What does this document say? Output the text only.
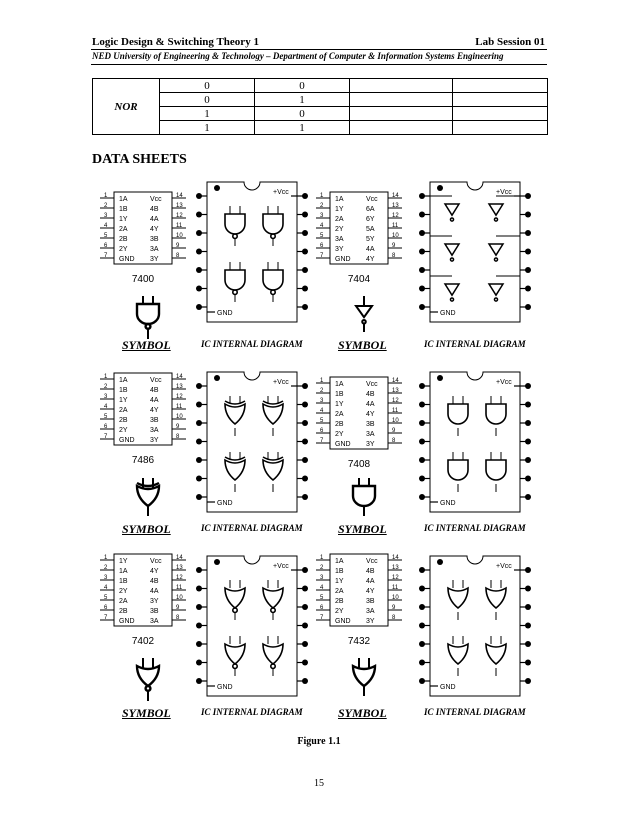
Logic Design & Switching Theory 1	Lab Session 01
NED University of Engineering & Technology – Department of Computer & Information Systems Engineering
NOR	0	0		
	0	1		
	1	0		
	1	1		
DATA SHEETS
1	14
1A	Vcc
2	13
1B	4B
3	12
1Y	4A
4	11
2A	4Y
5	10
2B	3B
6	9
2Y	3A
7	8
GND 3Y
7400
+Vcc
GND
1	14
1A	Vcc
2	13
1Y	6A
3	12
2A	6Y
4	11
2Y	5A
5	10
3A	5Y
6	9
3Y	4A
7	8
GND 4Y
7404
+Vcc
GND
1	14
1A	Vcc
2	13
1B	4B
3	12
1Y	4A
4	11
2A	4Y
5	10
2B	3B
6	9
2Y	3A
7	8
GND 3Y
7486
+Vcc
GND
1	14
1A	Vcc
2	13
1B	4B
3	12
1Y	4A
4	11
2A	4Y
5	10
2B	3B
6	9
2Y	3A
7	8
GND 3Y
7408
+Vcc
GND
1	14
1Y	Vcc
2	13
1A	4Y
3	12
1B	4B
4	11
2Y	4A
5	10
2A	3Y
6	9
2B	3B
7	8
GND 3A
7402
+Vcc
GND
1	14
1A	Vcc
2	13
1B	4B
3	12
1Y	4A
4	11
2A	4Y
5	10
2B	3B
6	9
2Y	3A
7	8
GND 3Y
7432
+Vcc
GND
Figure 1.1
15
SYMBOL	IC INTERNAL DIAGRAM	SYMBOL	IC INTERNAL DIAGRAM
SYMBOL	IC INTERNAL DIAGRAM	SYMBOL	IC INTERNAL DIAGRAM
SYMBOL	IC INTERNAL DIAGRAM	SYMBOL	IC INTERNAL DIAGRAM
